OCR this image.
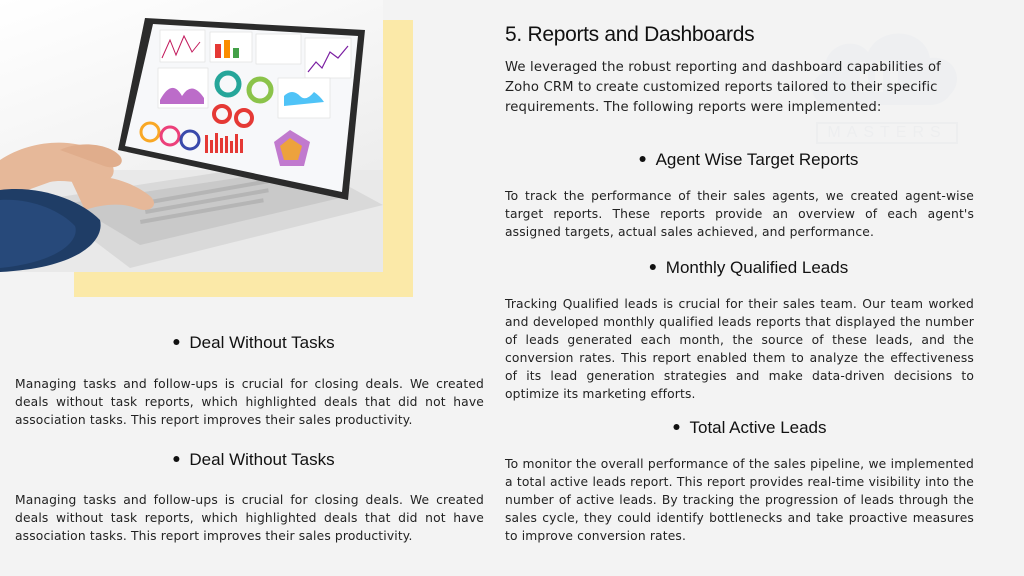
MASTERS
5. Reports and Dashboards
We leveraged the robust reporting and dashboard capabilities of Zoho CRM to create customized reports tailored to their specific requirements. The following reports were implemented:
Agent Wise Target Reports
To track the performance of their sales agents, we created agent-wise target reports. These reports provide an overview of each agent's assigned targets, actual sales achieved, and performance.
Monthly Qualified Leads
Tracking Qualified leads is crucial for their sales team. Our team worked and developed monthly qualified leads reports that displayed the number of leads generated each month, the source of these leads, and the conversion rates. This report enabled them to analyze the effectiveness of its lead generation strategies and make data-driven decisions to optimize its marketing efforts.
Total Active Leads
To monitor the overall performance of the sales pipeline, we implemented a total active leads report. This report provides real-time visibility into the number of active leads. By tracking the progression of leads through the sales cycle, they could identify bottlenecks and take proactive measures to improve conversion rates.
Deal Without Tasks
Managing tasks and follow-ups is crucial for closing deals. We created deals without task reports, which highlighted deals that did not have association tasks. This report improves their sales productivity.
Deal Without Tasks
Managing tasks and follow-ups is crucial for closing deals. We created deals without task reports, which highlighted deals that did not have association tasks. This report improves their sales productivity.
